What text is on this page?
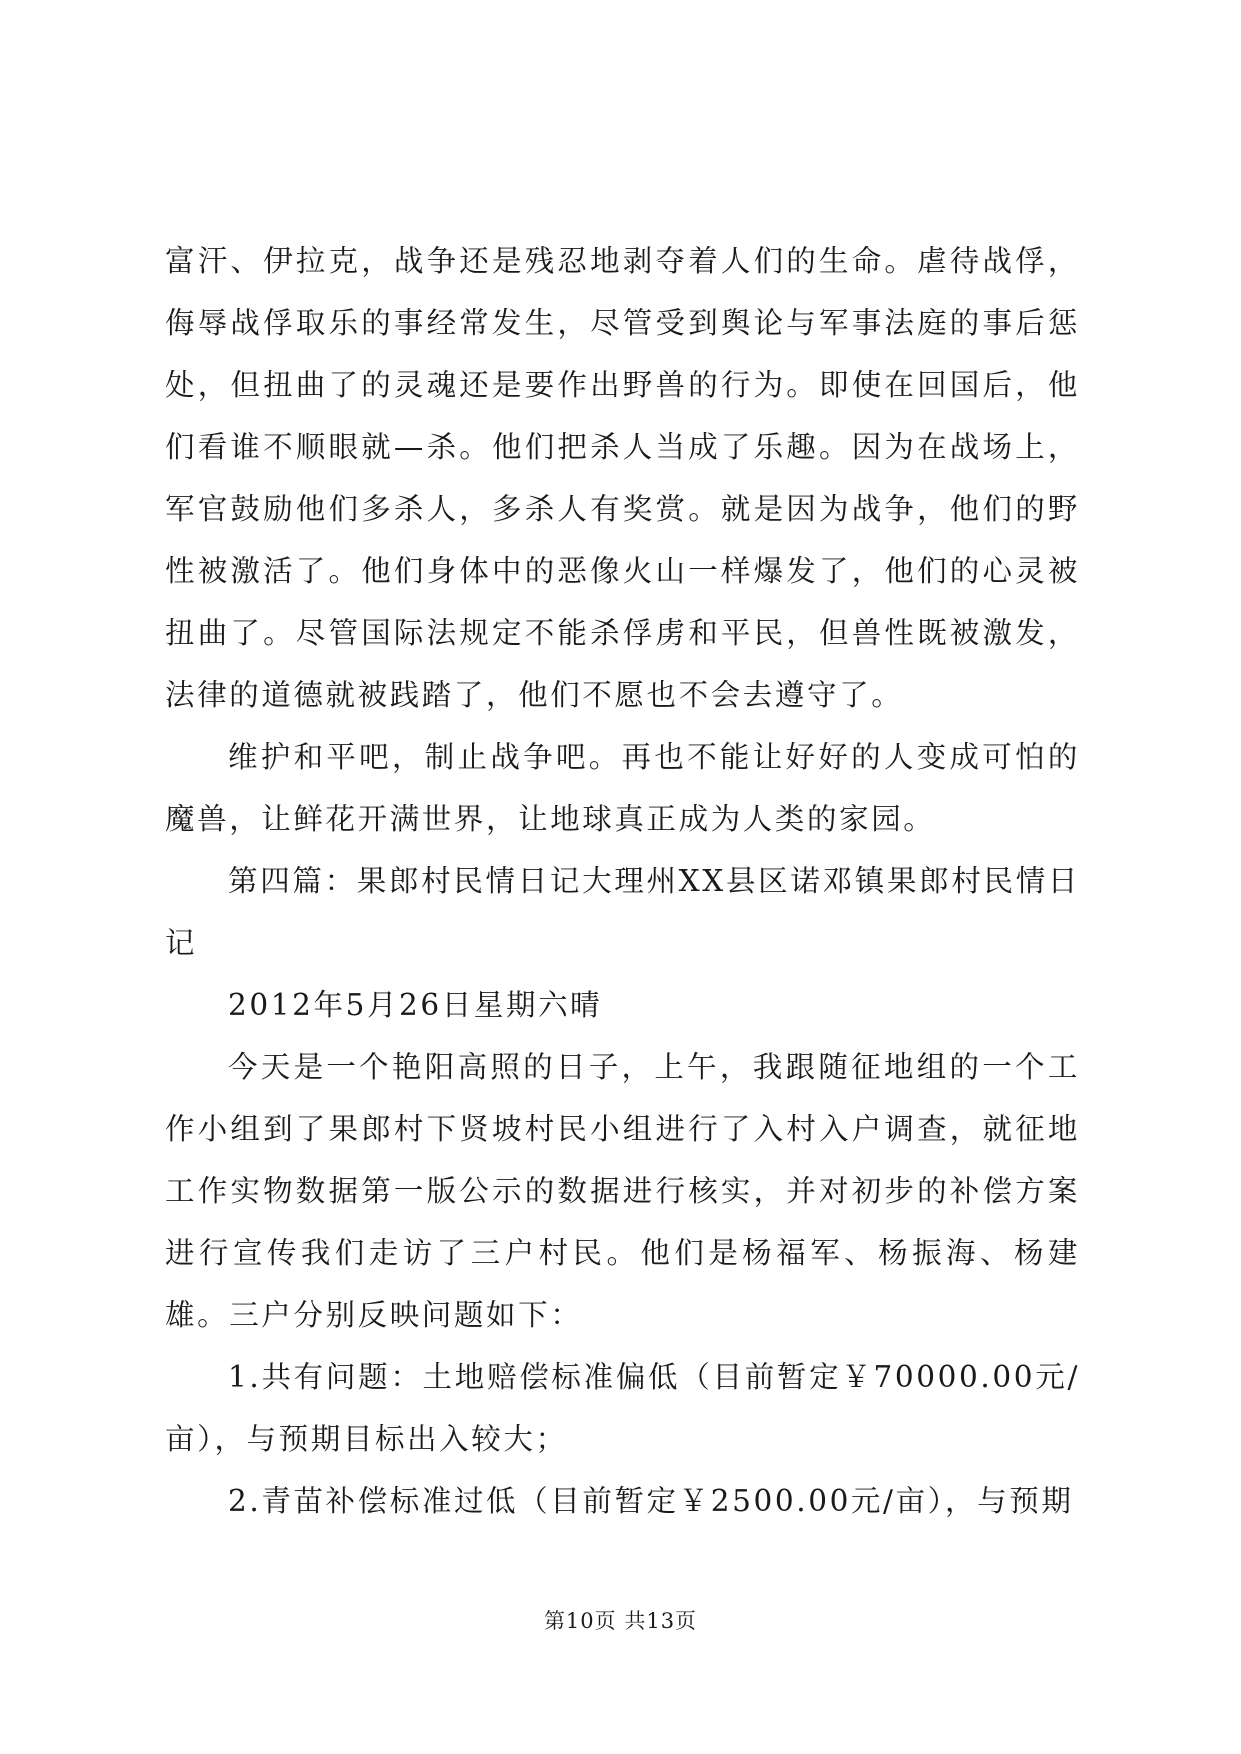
富汗、伊拉克，战争还是残忍地剥夺着人们的生命。虐待战俘，侮辱战俘取乐的事经常发生，尽管受到舆论与军事法庭的事后惩处，但扭曲了的灵魂还是要作出野兽的行为。即使在回国后，他们看谁不顺眼就—杀。他们把杀人当成了乐趣。因为在战场上，军官鼓励他们多杀人，多杀人有奖赏。就是因为战争，他们的野性被激活了。他们身体中的恶像火山一样爆发了，他们的心灵被扭曲了。尽管国际法规定不能杀俘虏和平民，但兽性既被激发，法律的道德就被践踏了，他们不愿也不会去遵守了。

维护和平吧，制止战争吧。再也不能让好好的人变成可怕的魔兽，让鲜花开满世界，让地球真正成为人类的家园。

第四篇：果郎村民情日记大理州XX县区诺邓镇果郎村民情日记

2012年5月26日星期六晴

今天是一个艳阳高照的日子，上午，我跟随征地组的一个工作小组到了果郎村下贤坡村民小组进行了入村入户调查，就征地工作实物数据第一版公示的数据进行核实，并对初步的补偿方案进行宣传我们走访了三户村民。他们是杨福军、杨振海、杨建雄。三户分别反映问题如下：

1.共有问题：土地赔偿标准偏低（目前暂定￥70000.00元/亩），与预期目标出入较大；

2.青苗补偿标准过低（目前暂定￥2500.00元/亩），与预期

第10页 共13页
